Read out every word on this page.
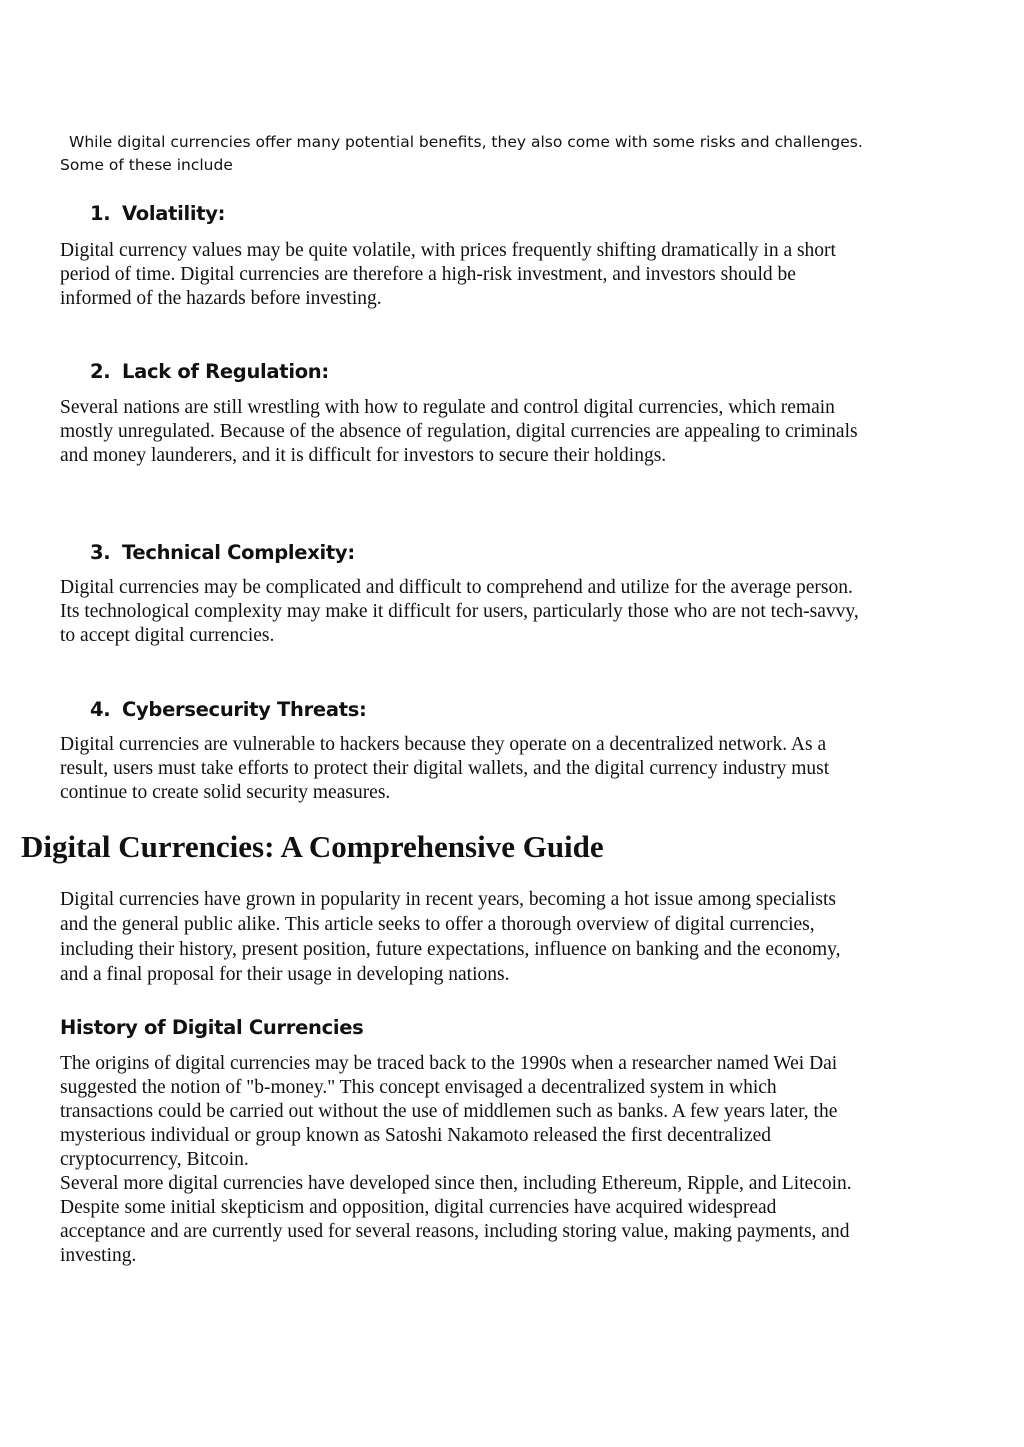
While digital currencies offer many potential benefits, they also come with some risks and challenges.
Some of these include
1. Volatility:

Digital currency values may be quite volatile, with prices frequently shifting dramatically in a short period of time. Digital currencies are therefore a high-risk investment, and investors should be informed of the hazards before investing.

2. Lack of Regulation:

Several nations are still wrestling with how to regulate and control digital currencies, which remain mostly unregulated. Because of the absence of regulation, digital currencies are appealing to criminals and money launderers, and it is difficult for investors to secure their holdings.

3. Technical Complexity:

Digital currencies may be complicated and difficult to comprehend and utilize for the average person. Its technological complexity may make it difficult for users, particularly those who are not tech-savvy, to accept digital currencies.

4. Cybersecurity Threats:

Digital currencies are vulnerable to hackers because they operate on a decentralized network. As a result, users must take efforts to protect their digital wallets, and the digital currency industry must continue to create solid security measures.

Digital Currencies: A Comprehensive Guide

Digital currencies have grown in popularity in recent years, becoming a hot issue among specialists and the general public alike. This article seeks to offer a thorough overview of digital currencies, including their history, present position, future expectations, influence on banking and the economy, and a final proposal for their usage in developing nations.

History of Digital Currencies

The origins of digital currencies may be traced back to the 1990s when a researcher named Wei Dai suggested the notion of "b-money." This concept envisaged a decentralized system in which transactions could be carried out without the use of middlemen such as banks. A few years later, the mysterious individual or group known as Satoshi Nakamoto released the first decentralized cryptocurrency, Bitcoin.

Several more digital currencies have developed since then, including Ethereum, Ripple, and Litecoin. Despite some initial skepticism and opposition, digital currencies have acquired widespread acceptance and are currently used for several reasons, including storing value, making payments, and investing.
